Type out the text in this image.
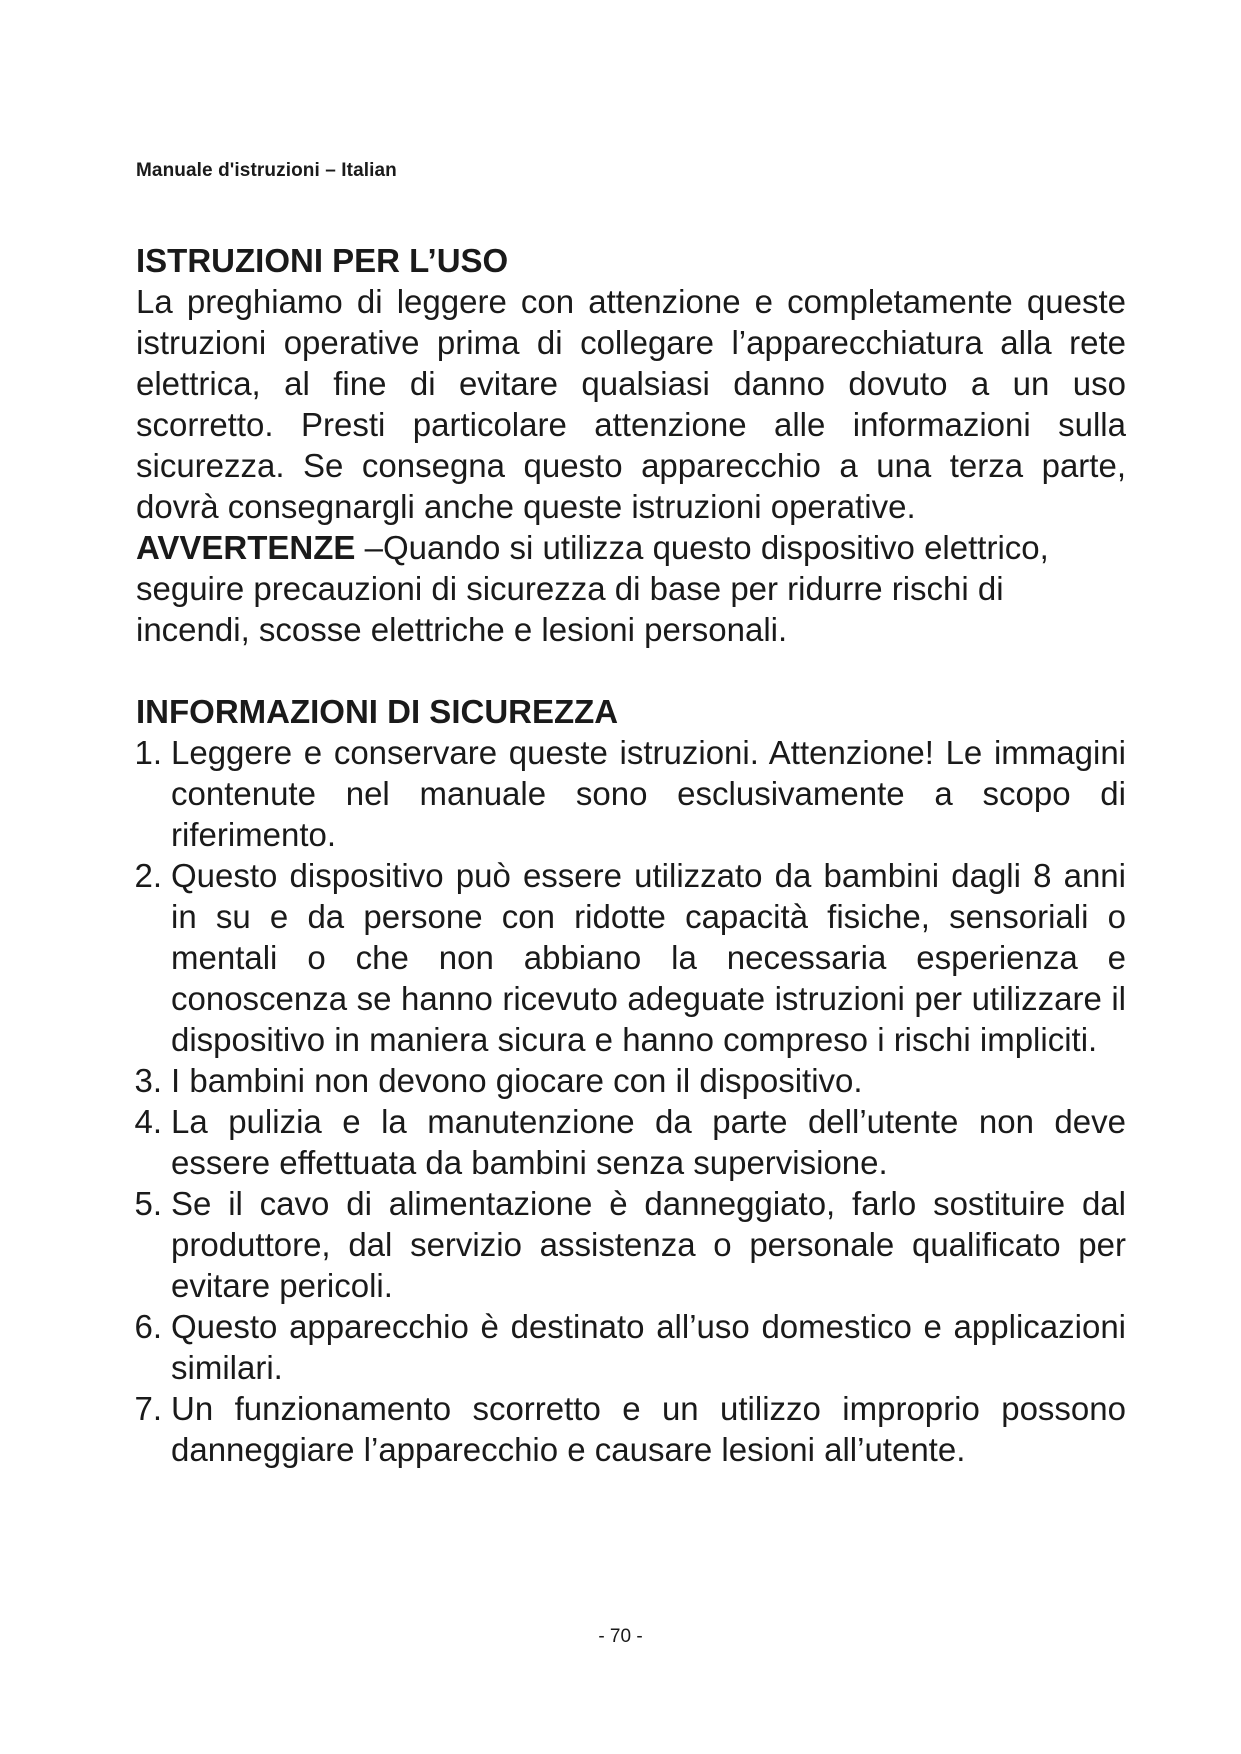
Manuale d'istruzioni – Italian
ISTRUZIONI PER L’USO

La preghiamo di leggere con attenzione e completamente queste istruzioni operative prima di collegare l’apparecchiatura alla rete elettrica, al fine di evitare qualsiasi danno dovuto a un uso scorretto. Presti particolare attenzione alle informazioni sulla sicurezza. Se consegna questo apparecchio a una terza parte, dovrà consegnargli anche queste istruzioni operative.

AVVERTENZE –Quando si utilizza questo dispositivo elettrico, seguire precauzioni di sicurezza di base per ridurre rischi di incendi, scosse elettriche e lesioni personali.

INFORMAZIONI DI SICUREZZA
1. Leggere e conservare queste istruzioni. Attenzione! Le immagini contenute nel manuale sono esclusivamente a scopo di riferimento.
2. Questo dispositivo può essere utilizzato da bambini dagli 8 anni in su e da persone con ridotte capacità fisiche, sensoriali o mentali o che non abbiano la necessaria esperienza e conoscenza se hanno ricevuto adeguate istruzioni per utilizzare il dispositivo in maniera sicura e hanno compreso i rischi impliciti.
3. I bambini non devono giocare con il dispositivo.
4. La pulizia e la manutenzione da parte dell’utente non deve essere effettuata da bambini senza supervisione.
5. Se il cavo di alimentazione è danneggiato, farlo sostituire dal produttore, dal servizio assistenza o personale qualificato per evitare pericoli.
6. Questo apparecchio è destinato all’uso domestico e applicazioni similari.
7. Un funzionamento scorretto e un utilizzo improprio possono danneggiare l’apparecchio e causare lesioni all’utente.
- 70 -
